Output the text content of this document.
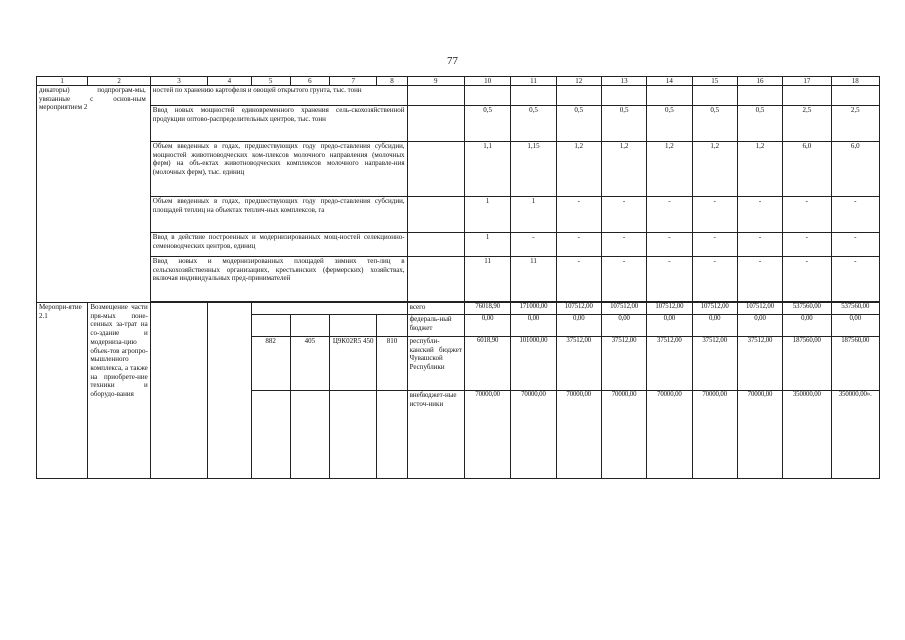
77
1	2	3	4	5	6	7	8	9	10	11	12	13	14	15	16	17	18
дикаторы) подпрограм-мы, увязанные с основ-ным мероприятием 2		ностей по хранению картофеля и овощей открытого грунта, тыс. тонн															
		Ввод новых мощностей единовременного хранения сель-скохозяйственной продукции оптово-распределительных центров, тыс. тонн							0,5	0,5	0,5	0,5	0,5	0,5	0,5	2,5	2,5
		Объем введенных в годах, предшествующих году предо-ставления субсидии, мощностей животноводческих ком-плексов молочного направления (молочных ферм) на объ-ектах животноводческих комплексов молочного направле-ния (молочных ферм), тыс. единиц							1,1	1,15	1,2	1,2	1,2	1,2	1,2	6,0	6,0
		Объем введенных в годах, предшествующих году предо-ставления субсидии, площадей теплиц на объектах теплич-ных комплексов, га							1	1	-	-	-	-	-	-	-
		Ввод в действие построенных и модернизированных мощ-ностей селекционно-семеноводческих центров, единиц							1	-	-	-	-	-	-	-	-
		Ввод новых и модернизированных площадей зимних теп-лиц в сельскохозяйственных организациях, крестьянских (фермерских) хозяйствах, включая индивидуальных пред-принимателей							11	11	-	-	-	-	-	-	-

Меропри-ятие 2.1	Возмещение части пря-мых поне-сенных за-трат на со-здание и модерниза-цию объек-тов агропро-мышленного комплекса, а также на приобрете-ние техники и оборудо-вания							всего	76018,90	171000,00	107512,00	107512,00	107512,00	107512,00	107512,00	537560,00	537560,00
								федераль-ный бюджет	0,00	0,00	0,00	0,00	0,00	0,00	0,00	0,00	0,00
				882	405	Ц9К02R5 450	810	республи-канский бюджет Чувашской Республики	6018,90	101000,00	37512,00	37512,00	37512,00	37512,00	37512,00	187560,00	187560,00
								внебюджет-ные источ-ники	70000,00	70000,00	70000,00	70000,00	70000,00	70000,00	70000,00	350000,00	350000,00».
